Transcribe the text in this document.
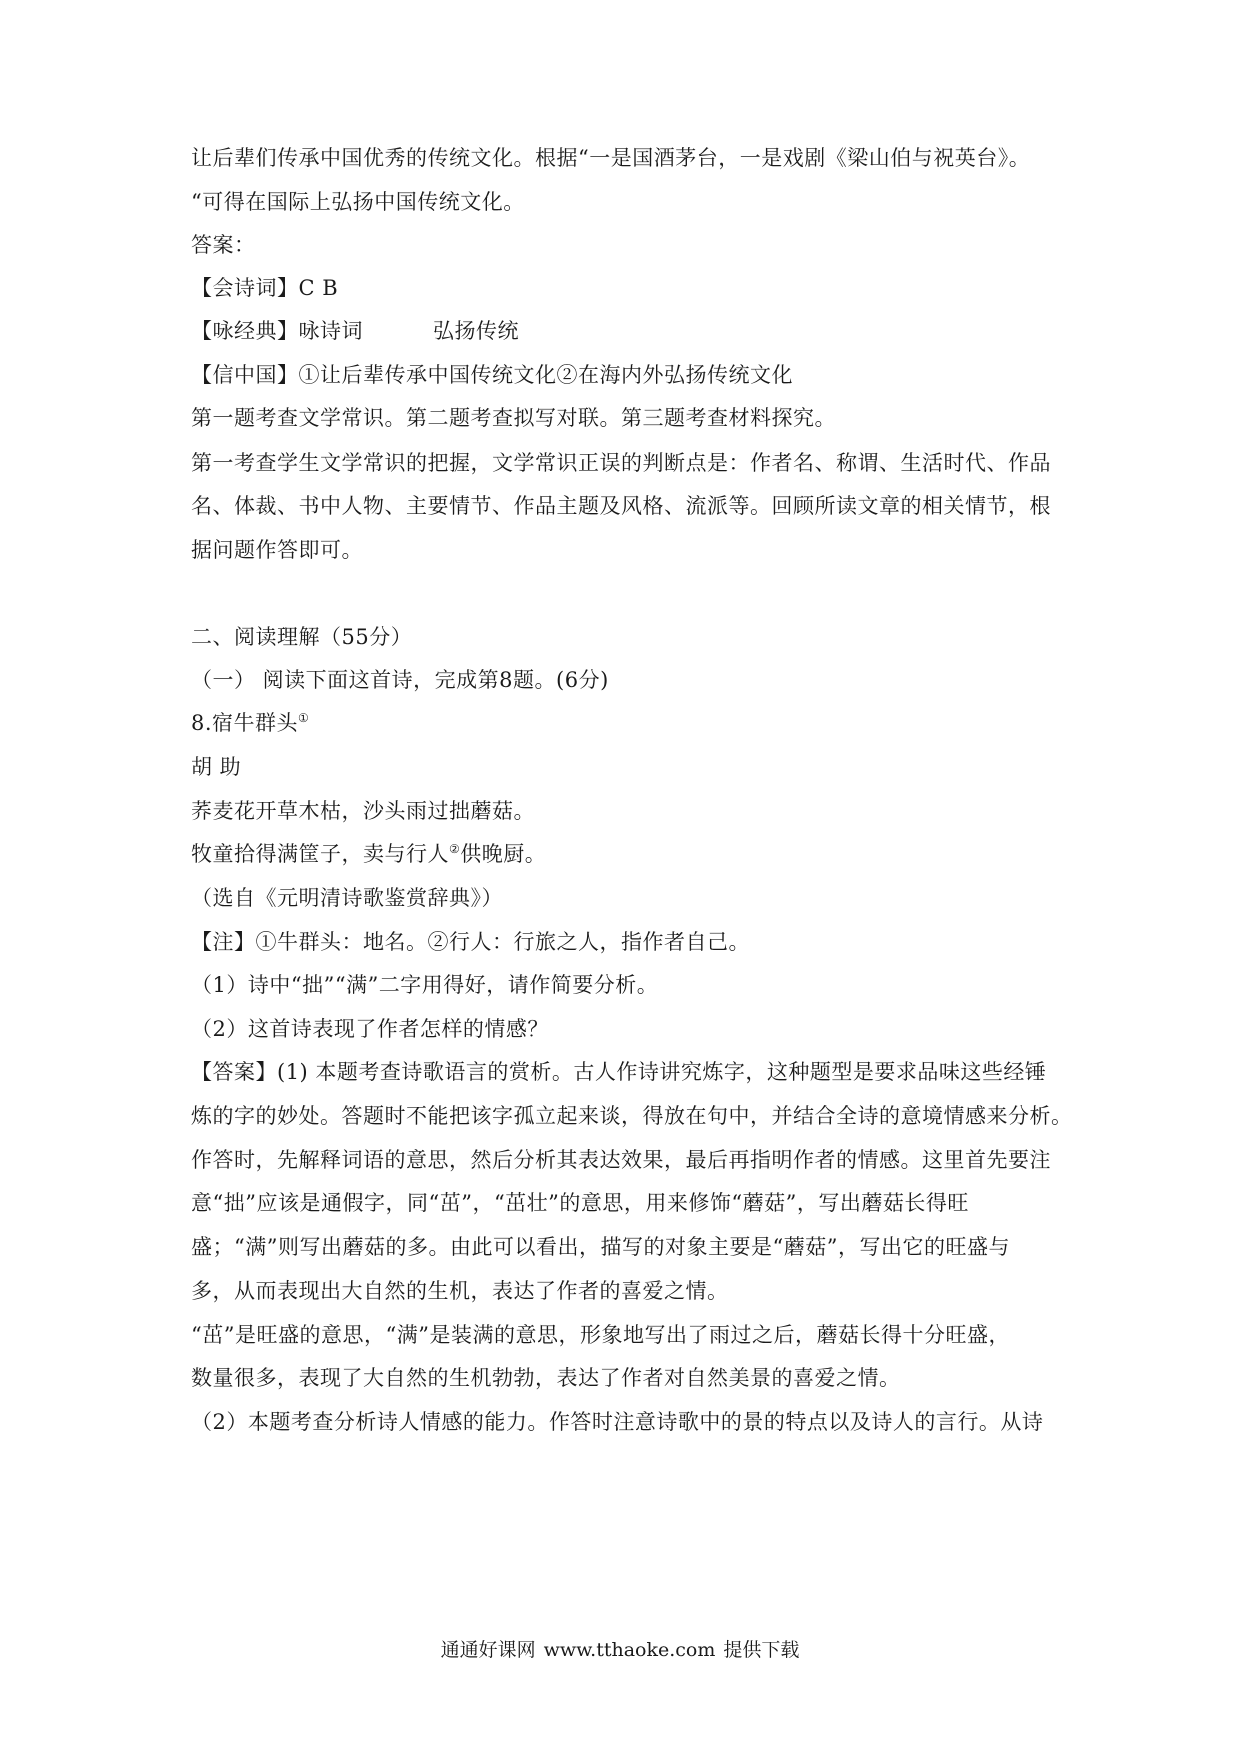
让后辈们传承中国优秀的传统文化。根据“一是国酒茅台，一是戏剧《梁山伯与祝英台》。
“可得在国际上弘扬中国传统文化。
答案：
【会诗词】C B
【咏经典】咏诗词	弘扬传统
【信中国】①让后辈传承中国传统文化②在海内外弘扬传统文化
第一题考查文学常识。第二题考查拟写对联。第三题考查材料探究。
第一考查学生文学常识的把握，文学常识正误的判断点是：作者名、称谓、生活时代、作品
名、体裁、书中人物、主要情节、作品主题及风格、流派等。回顾所读文章的相关情节，根
据问题作答即可。
二、阅读理解（55分）
（一） 阅读下面这首诗，完成第8题。(6分)
8.宿牛群头①
胡 助
荞麦花开草木枯，沙头雨过拙蘑菇。
牧童拾得满筐子，卖与行人②供晚厨。
（选自《元明清诗歌鉴赏辞典》）
【注】①牛群头：地名。②行人：行旅之人，指作者自己。
（1）诗中“拙”“满”二字用得好，请作简要分析。
（2）这首诗表现了作者怎样的情感？
【答案】(1) 本题考查诗歌语言的赏析。古人作诗讲究炼字，这种题型是要求品味这些经锤
炼的字的妙处。答题时不能把该字孤立起来谈，得放在句中，并结合全诗的意境情感来分析。
作答时，先解释词语的意思，然后分析其表达效果，最后再指明作者的情感。这里首先要注
意“拙”应该是通假字，同“茁”，“茁壮”的意思，用来修饰“蘑菇”，写出蘑菇长得旺
盛；“满”则写出蘑菇的多。由此可以看出，描写的对象主要是“蘑菇”，写出它的旺盛与
多，从而表现出大自然的生机，表达了作者的喜爱之情。
“茁”是旺盛的意思，“满”是装满的意思，形象地写出了雨过之后，蘑菇长得十分旺盛，
数量很多，表现了大自然的生机勃勃，表达了作者对自然美景的喜爱之情。
（2）本题考查分析诗人情感的能力。作答时注意诗歌中的景的特点以及诗人的言行。从诗
通通好课网 www.tthaoke.com 提供下载
